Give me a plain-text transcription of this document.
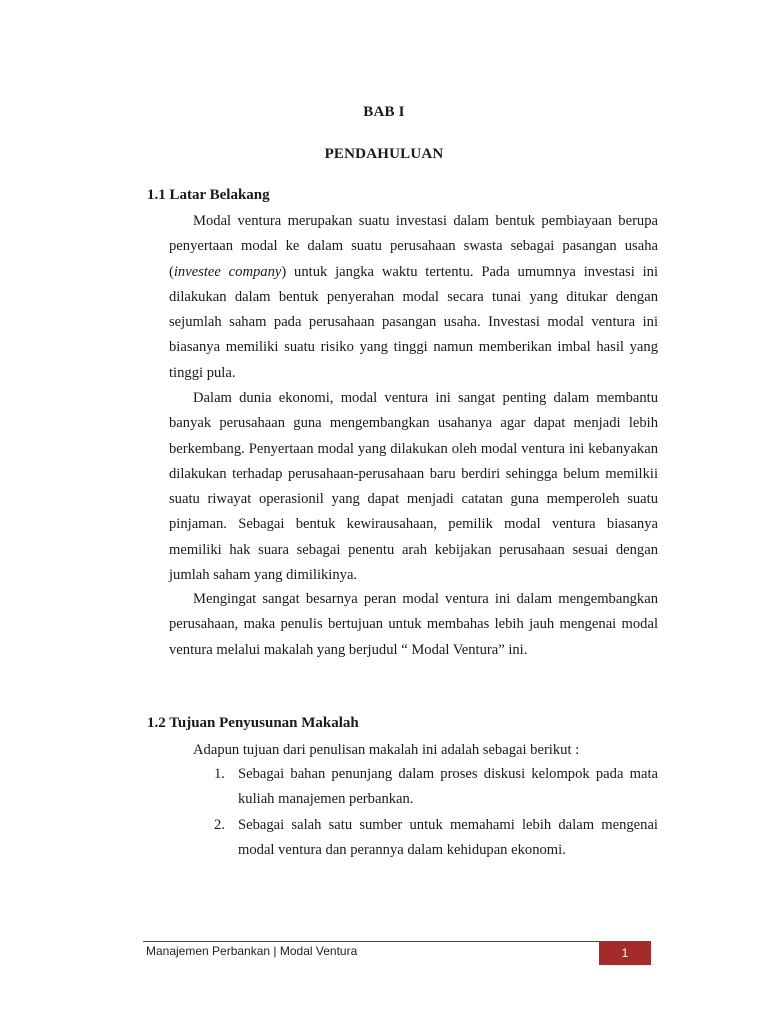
BAB I
PENDAHULUAN
1.1 Latar Belakang

Modal ventura merupakan suatu investasi dalam bentuk pembiayaan berupa penyertaan modal ke dalam suatu perusahaan swasta sebagai pasangan usaha (investee company) untuk jangka waktu tertentu. Pada umumnya investasi ini dilakukan dalam bentuk penyerahan modal secara tunai yang ditukar dengan sejumlah saham pada perusahaan pasangan usaha. Investasi modal ventura ini biasanya memiliki suatu risiko yang tinggi namun memberikan imbal hasil yang tinggi pula.

Dalam dunia ekonomi, modal ventura ini sangat penting dalam membantu banyak perusahaan guna mengembangkan usahanya agar dapat menjadi lebih berkembang. Penyertaan modal yang dilakukan oleh modal ventura ini kebanyakan dilakukan terhadap perusahaan-perusahaan baru berdiri sehingga belum memilkii suatu riwayat operasionil yang dapat menjadi catatan guna memperoleh suatu pinjaman. Sebagai bentuk kewirausahaan, pemilik modal ventura biasanya memiliki hak suara sebagai penentu arah kebijakan perusahaan sesuai dengan jumlah saham yang dimilikinya.

Mengingat sangat besarnya peran modal ventura ini dalam mengembangkan perusahaan, maka penulis bertujuan untuk membahas lebih jauh mengenai modal ventura melalui makalah yang berjudul “ Modal Ventura” ini.

1.2 Tujuan Penyusunan Makalah

Adapun tujuan dari penulisan makalah ini adalah sebagai berikut :

1. Sebagai bahan penunjang dalam proses diskusi kelompok pada mata kuliah manajemen perbankan.
2. Sebagai salah satu sumber untuk memahami lebih dalam mengenai modal ventura dan perannya dalam kehidupan ekonomi.
Manajemen Perbankan | Modal Ventura	1
